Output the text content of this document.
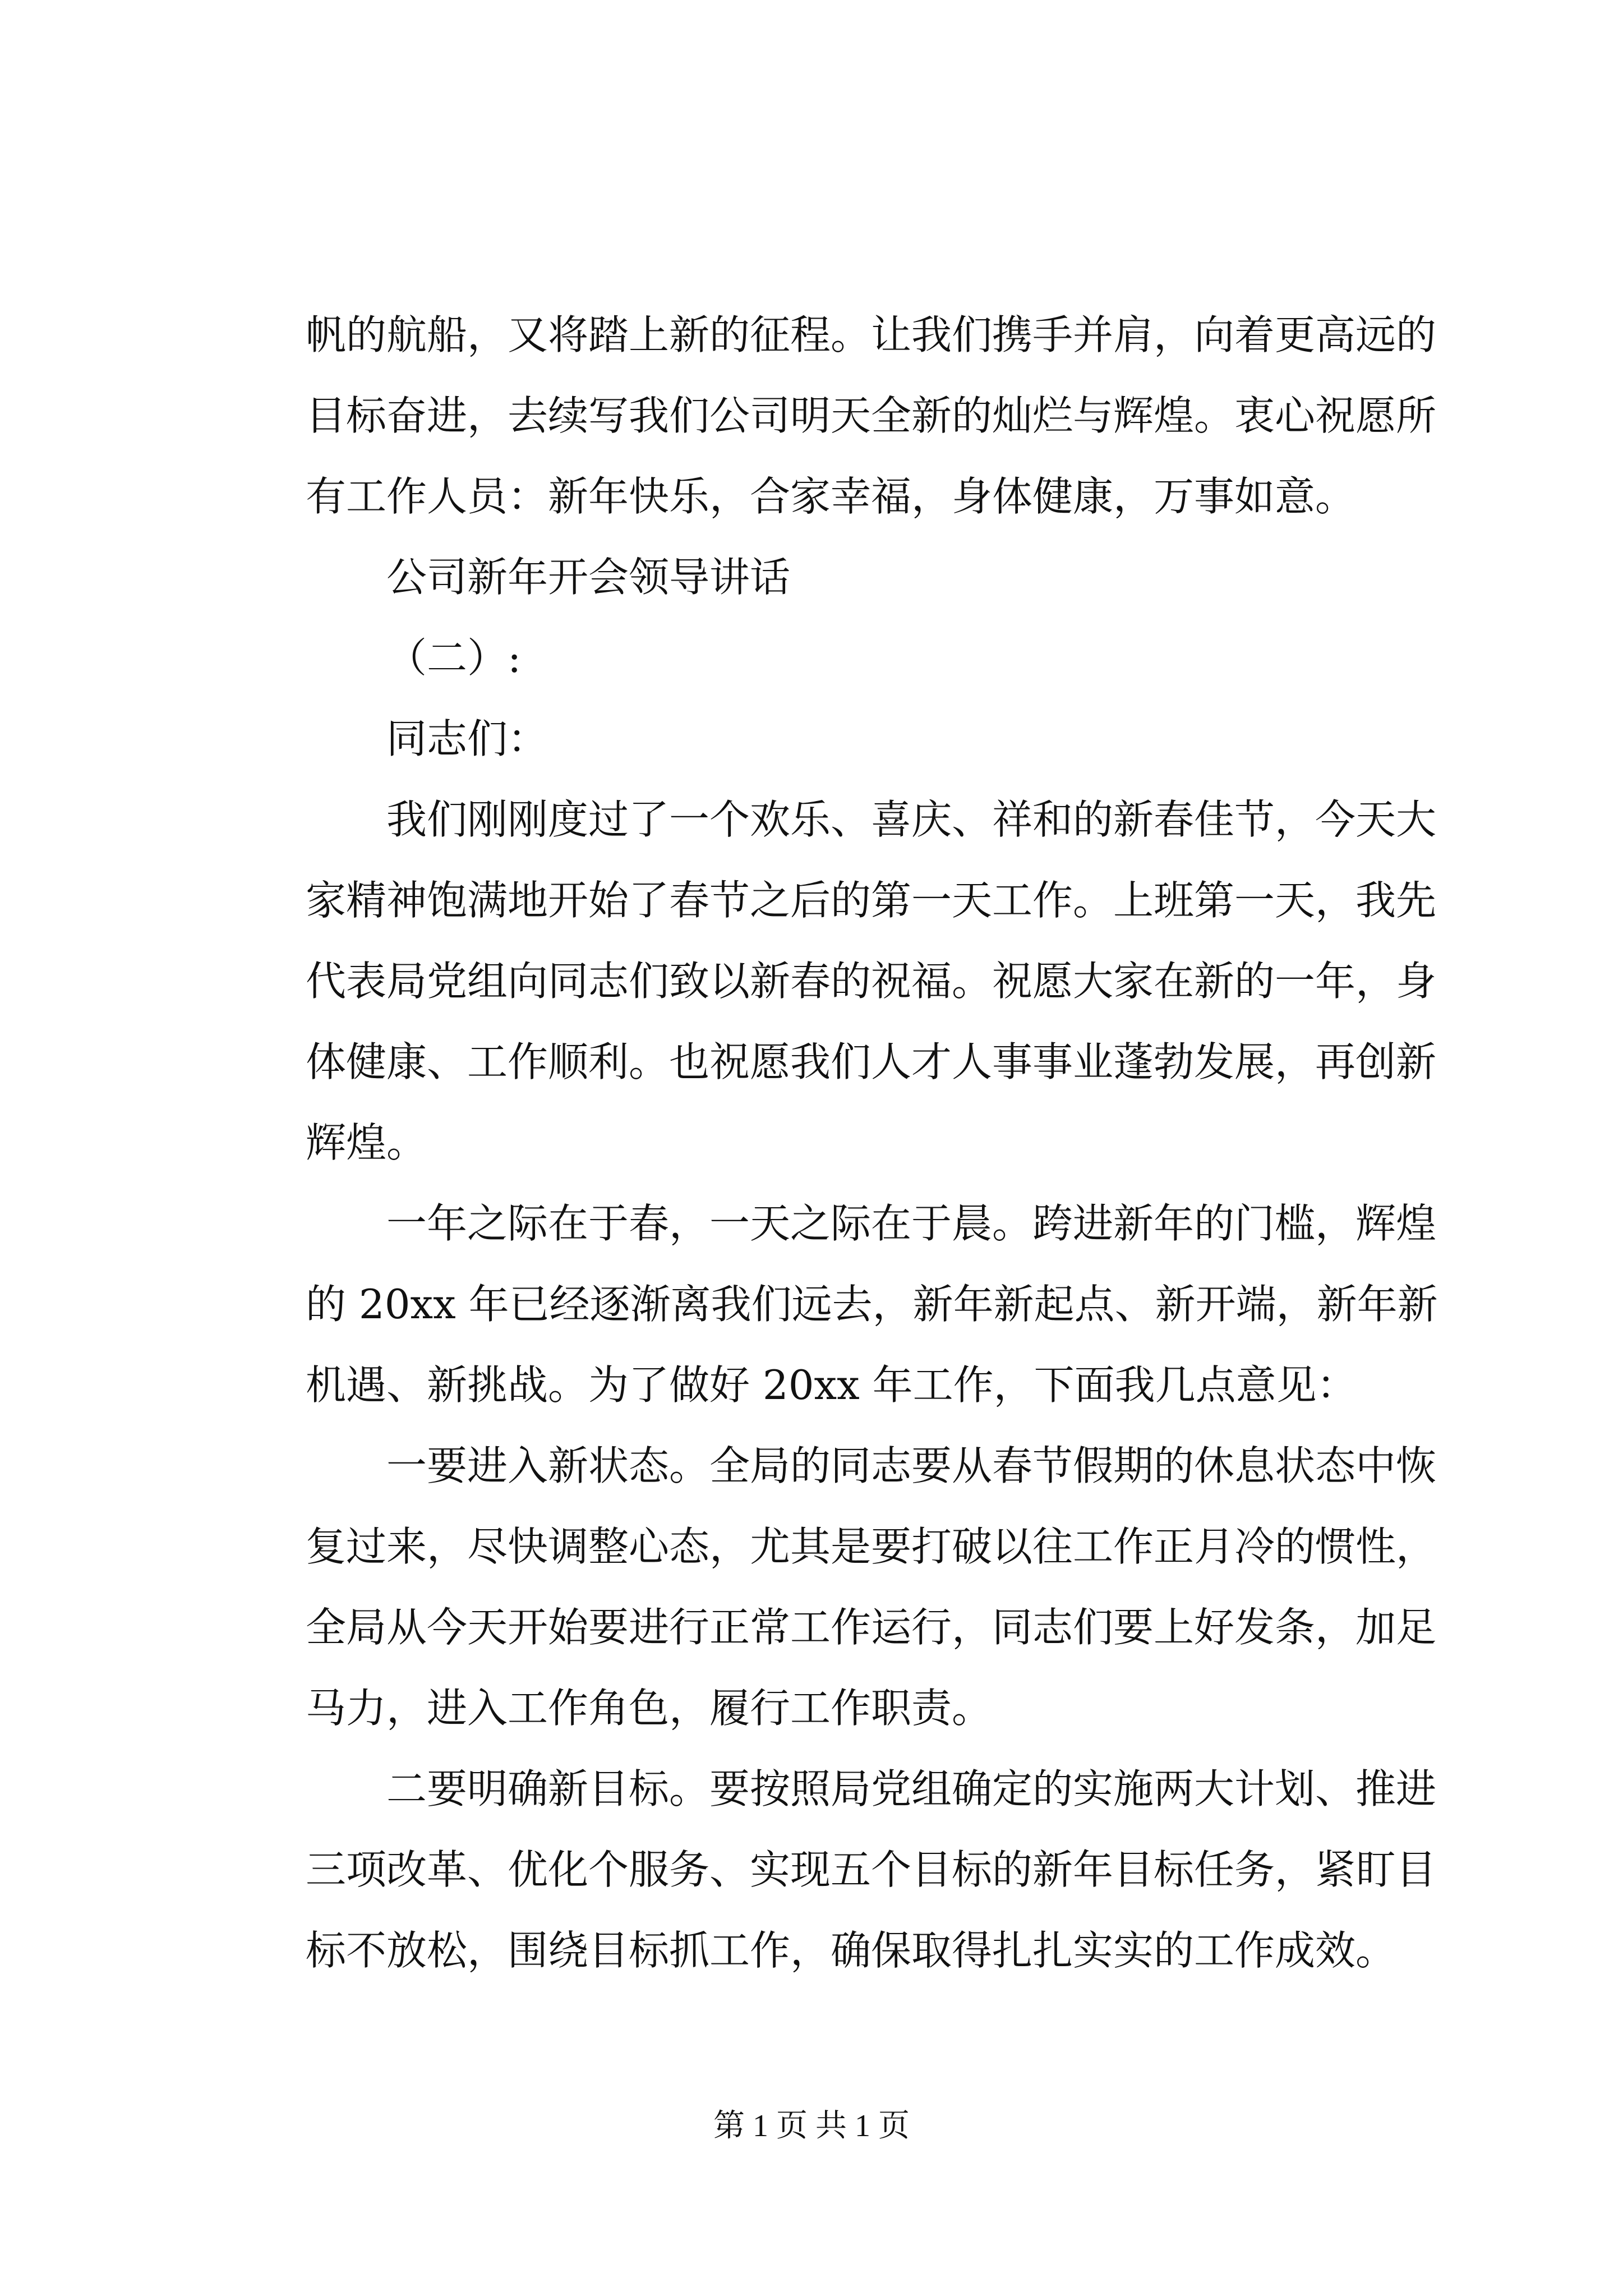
帆的航船，又将踏上新的征程。让我们携手并肩，向着更高远的
目标奋进，去续写我们公司明天全新的灿烂与辉煌。衷心祝愿所
有工作人员：新年快乐，合家幸福，身体健康，万事如意。
公司新年开会领导讲话
（二）:
同志们：
我们刚刚度过了一个欢乐、喜庆、祥和的新春佳节，今天大
家精神饱满地开始了春节之后的第一天工作。上班第一天，我先
代表局党组向同志们致以新春的祝福。祝愿大家在新的一年，身
体健康、工作顺利。也祝愿我们人才人事事业蓬勃发展，再创新
辉煌。
一年之际在于春，一天之际在于晨。跨进新年的门槛，辉煌
的 20xx 年已经逐渐离我们远去，新年新起点、新开端，新年新
机遇、新挑战。为了做好 20xx 年工作，下面我几点意见：
一要进入新状态。全局的同志要从春节假期的休息状态中恢
复过来，尽快调整心态，尤其是要打破以往工作正月冷的惯性，
全局从今天开始要进行正常工作运行，同志们要上好发条，加足
马力，进入工作角色，履行工作职责。
二要明确新目标。要按照局党组确定的实施两大计划、推进
三项改革、优化个服务、实现五个目标的新年目标任务，紧盯目
标不放松，围绕目标抓工作，确保取得扎扎实实的工作成效。
第 1 页 共 1 页
